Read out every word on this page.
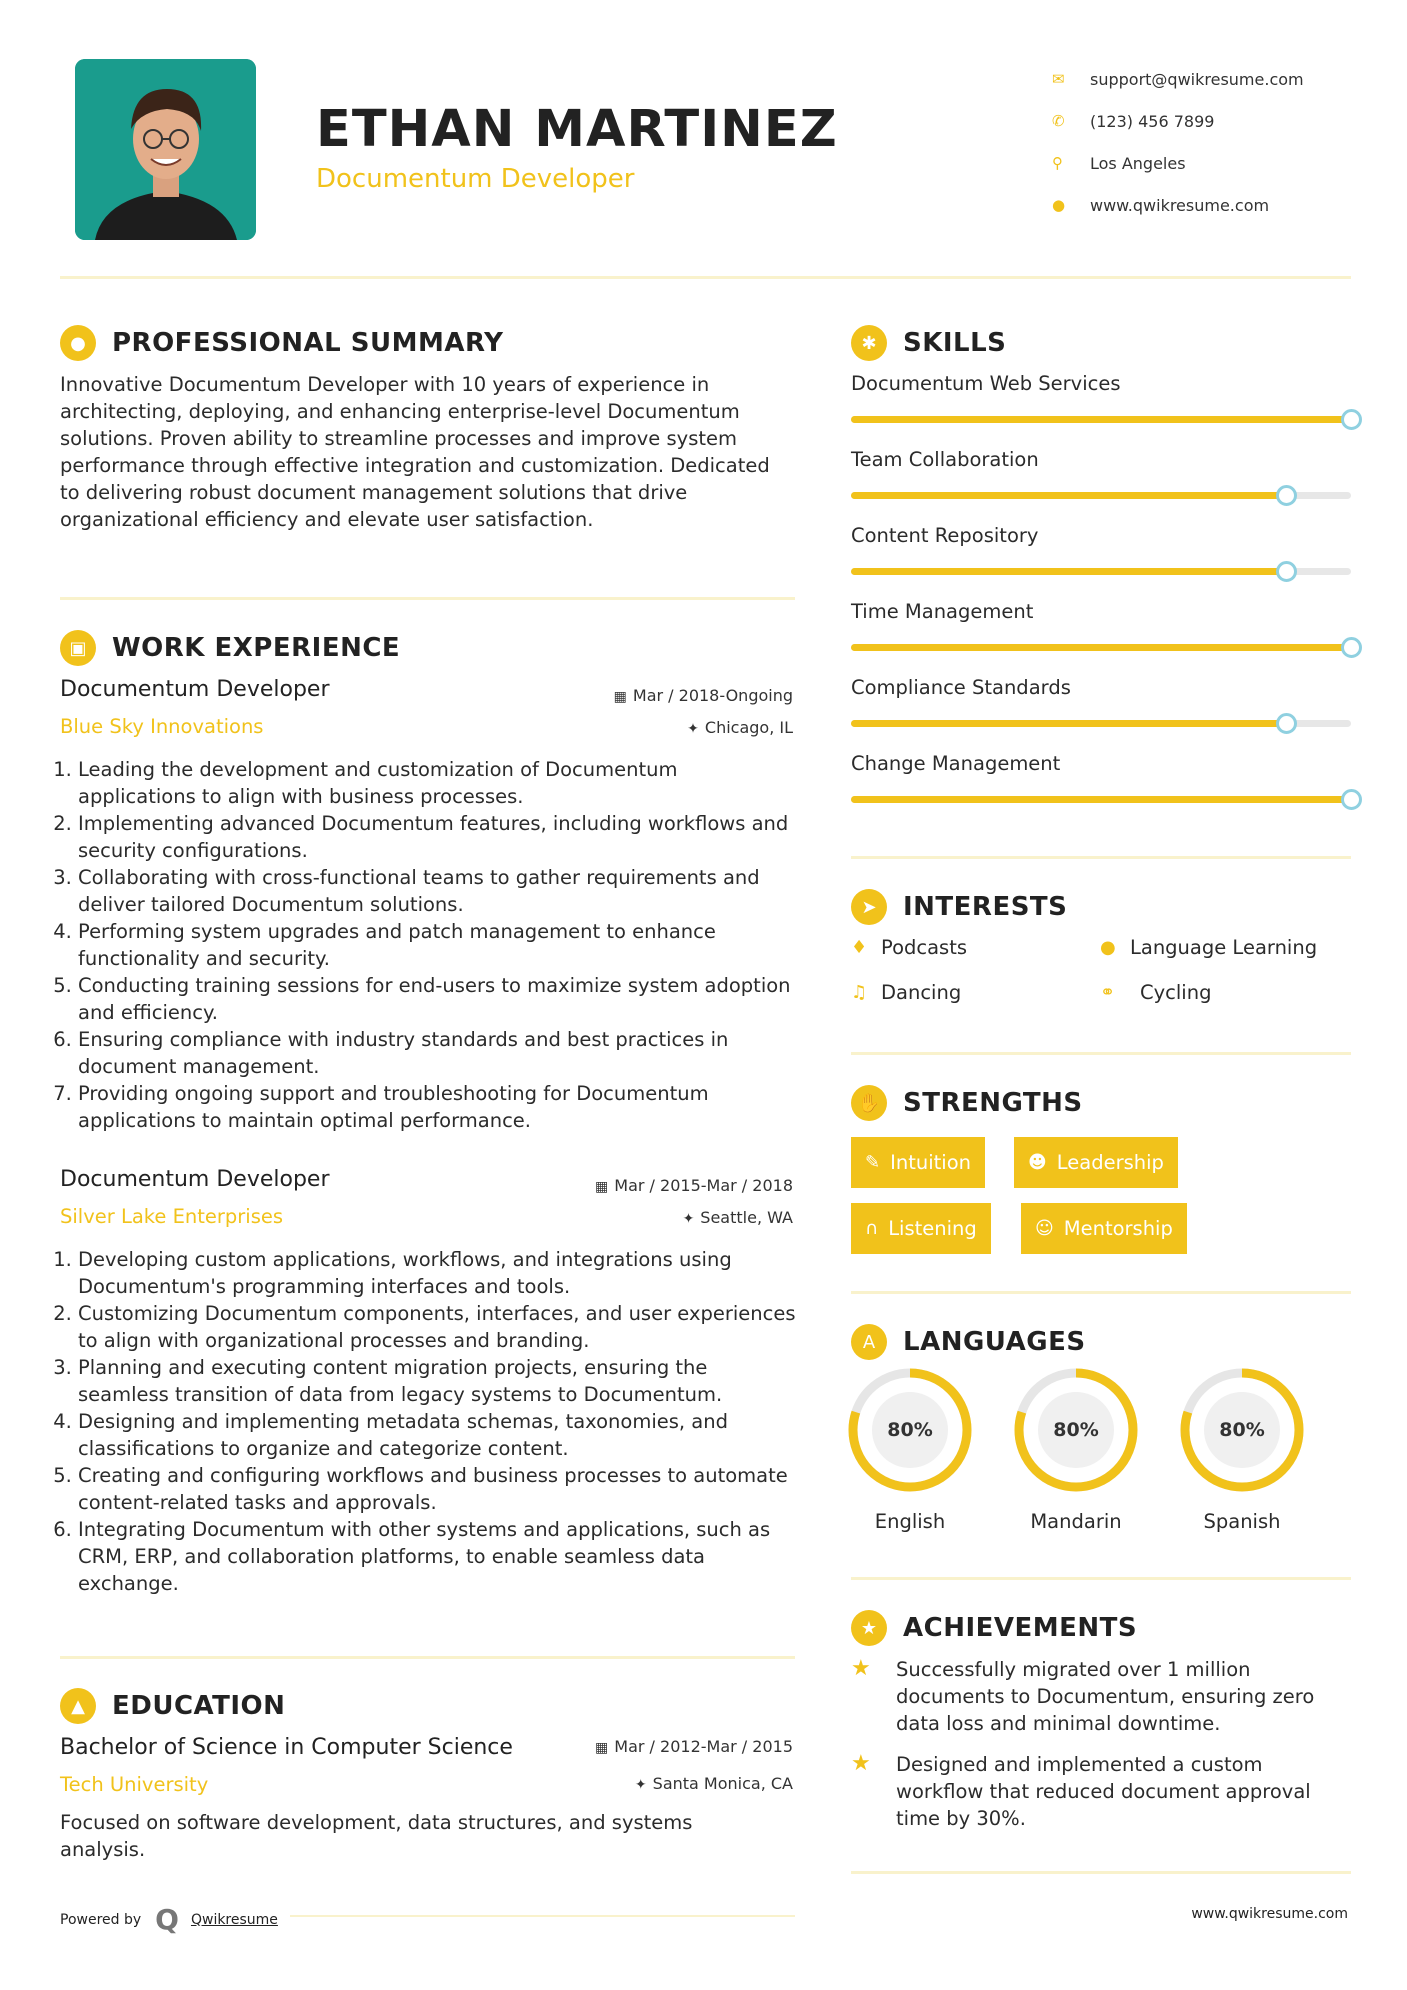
ETHAN MARTINEZ
Documentum Developer
✉	support@qwikresume.com
✆	(123) 456 7899
⚲	Los Angeles
●	www.qwikresume.com
●	PROFESSIONAL SUMMARY
Innovative Documentum Developer with 10 years of experience in architecting, deploying, and enhancing enterprise-level Documentum solutions. Proven ability to streamline processes and improve system performance through effective integration and customization. Dedicated to delivering robust document management solutions that drive organizational efficiency and elevate user satisfaction.
▣ WORK EXPERIENCE
Documentum Developer	▦ Mar / 2018-Ongoing
Blue Sky Innovations	✦ Chicago, IL
1. Leading the development and customization of Documentum applications to align with business processes.
2. Implementing advanced Documentum features, including workflows and security configurations.
3. Collaborating with cross-functional teams to gather requirements and deliver tailored Documentum solutions.
4. Performing system upgrades and patch management to enhance functionality and security.
5. Conducting training sessions for end-users to maximize system adoption and efficiency.
6. Ensuring compliance with industry standards and best practices in document management.
7. Providing ongoing support and troubleshooting for Documentum applications to maintain optimal performance.
Documentum Developer	▦ Mar / 2015-Mar / 2018
Silver Lake Enterprises	✦ Seattle, WA
1. Developing custom applications, workflows, and integrations using Documentum's programming interfaces and tools.
2. Customizing Documentum components, interfaces, and user experiences to align with organizational processes and branding.
3. Planning and executing content migration projects, ensuring the seamless transition of data from legacy systems to Documentum.
4. Designing and implementing metadata schemas, taxonomies, and classifications to organize and categorize content.
5. Creating and configuring workflows and business processes to automate content-related tasks and approvals.
6. Integrating Documentum with other systems and applications, such as CRM, ERP, and collaboration platforms, to enable seamless data exchange.
▲	EDUCATION
Bachelor of Science in Computer Science	▦ Mar / 2012-Mar / 2015
Tech University	✦ Santa Monica, CA
Focused on software development, data structures, and systems analysis.
✱	SKILLS
Documentum Web Services
Team Collaboration
Content Repository
Time Management
Compliance Standards
Change Management
➤	INTERESTS
♦ Podcasts	● Language Learning
♫ Dancing	⚭	Cycling
✋ STRENGTHS
✎ Intuition	☻ Leadership
∩ Listening	☺ Mentorship
A	LANGUAGES
80%
English
80%
Mandarin
80%
Spanish
★ ACHIEVEMENTS
★	Successfully migrated over 1 million documents to Documentum, ensuring zero data loss and minimal downtime.
★	Designed and implemented a custom workflow that reduced document approval time by 30%.
Powered by Q Qwikresume	www.qwikresume.com
